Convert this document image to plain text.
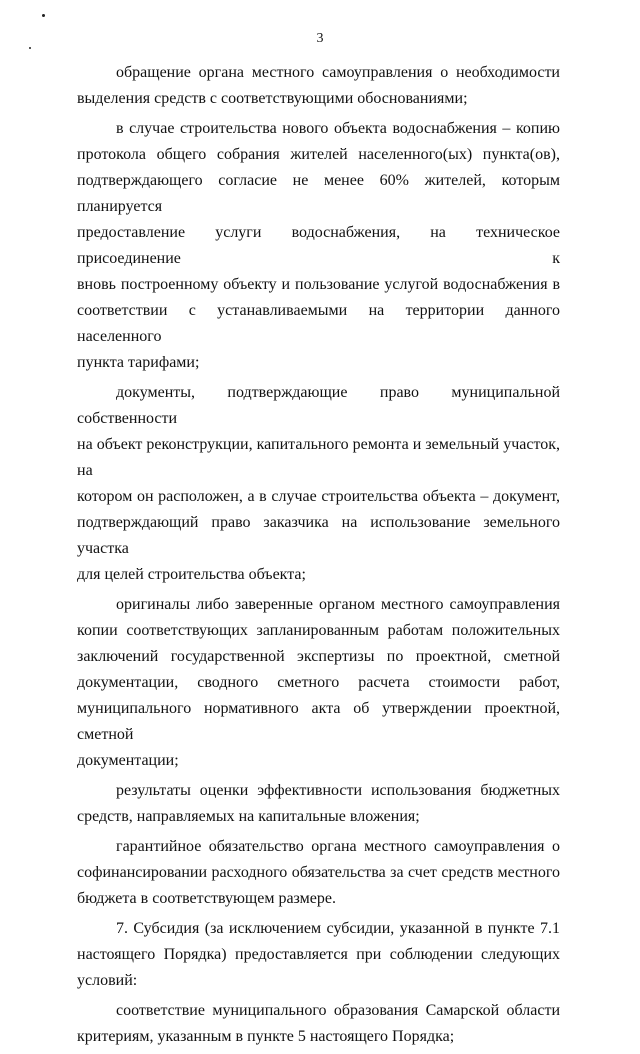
3

обращение органа местного самоуправления о необходимости
выделения средств с соответствующими обоснованиями;

в случае строительства нового объекта водоснабжения – копию
протокола общего собрания жителей населенного(ых) пункта(ов),
подтверждающего согласие не менее 60% жителей, которым планируется
предоставление услуги водоснабжения, на техническое присоединение к
вновь построенному объекту и пользование услугой водоснабжения в
соответствии с устанавливаемыми на территории данного населенного
пункта тарифами;

документы, подтверждающие право муниципальной собственности
на объект реконструкции, капитального ремонта и земельный участок, на
котором он расположен, а в случае строительства объекта – документ,
подтверждающий право заказчика на использование земельного участка
для целей строительства объекта;

оригиналы либо заверенные органом местного самоуправления
копии соответствующих запланированным работам положительных
заключений государственной экспертизы по проектной, сметной
документации, сводного сметного расчета стоимости работ,
муниципального нормативного акта об утверждении проектной, сметной
документации;

результаты оценки эффективности использования бюджетных
средств, направляемых на капитальные вложения;

гарантийное обязательство органа местного самоуправления о
софинансировании расходного обязательства за счет средств местного
бюджета в соответствующем размере.

7. Субсидия (за исключением субсидии, указанной в пункте 7.1
настоящего Порядка) предоставляется при соблюдении следующих
условий:

соответствие муниципального образования Самарской области
критериям, указанным в пункте 5 настоящего Порядка;
